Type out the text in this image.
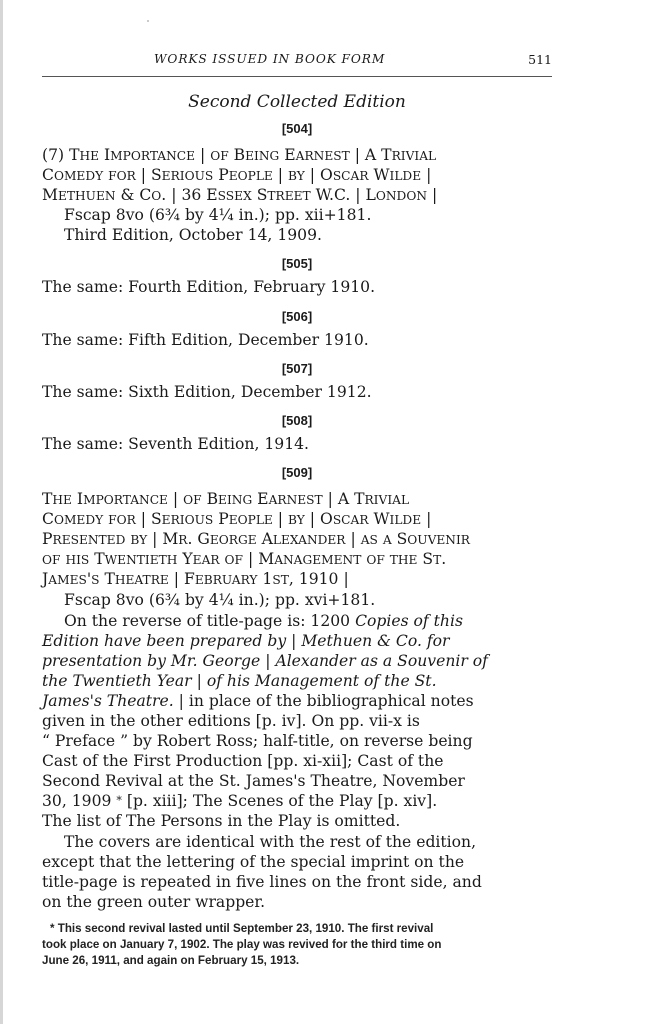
WORKS ISSUED IN BOOK FORM	511
Second Collected Edition
[504]
(7) THE IMPORTANCE | OF BEING EARNEST | A TRIVIAL
COMEDY FOR | SERIOUS PEOPLE | BY | OSCAR WILDE |
METHUEN & CO. | 36 ESSEX STREET W.C. | LONDON |
Fscap 8vo (6¾ by 4¼ in.); pp. xii+181.
Third Edition, October 14, 1909.
[505]
The same: Fourth Edition, February 1910.
[506]
The same: Fifth Edition, December 1910.
[507]
The same: Sixth Edition, December 1912.
[508]
The same: Seventh Edition, 1914.
[509]
THE IMPORTANCE | OF BEING EARNEST | A TRIVIAL
COMEDY FOR | SERIOUS PEOPLE | BY | OSCAR WILDE |
PRESENTED BY | MR. GEORGE ALEXANDER | AS A SOUVENIR
OF HIS TWENTIETH YEAR OF | MANAGEMENT OF THE ST.
JAMES'S THEATRE | FEBRUARY 1ST, 1910 |
Fscap 8vo (6¾ by 4¼ in.); pp. xvi+181.
On the reverse of title-page is: 1200 Copies of this
Edition have been prepared by | Methuen & Co. for
presentation by Mr. George | Alexander as a Souvenir of
the Twentieth Year | of his Management of the St.
James's Theatre. | in place of the bibliographical notes
given in the other editions [p. iv]. On pp. vii-x is
“ Preface ” by Robert Ross; half-title, on reverse being
Cast of the First Production [pp. xi-xii]; Cast of the
Second Revival at the St. James's Theatre, November
30, 1909 * [p. xiii]; The Scenes of the Play [p. xiv].
The list of The Persons in the Play is omitted.
The covers are identical with the rest of the edition,
except that the lettering of the special imprint on the
title-page is repeated in five lines on the front side, and
on the green outer wrapper.
* This second revival lasted until September 23, 1910. The first revival
took place on January 7, 1902. The play was revived for the third time on
June 26, 1911, and again on February 15, 1913.
